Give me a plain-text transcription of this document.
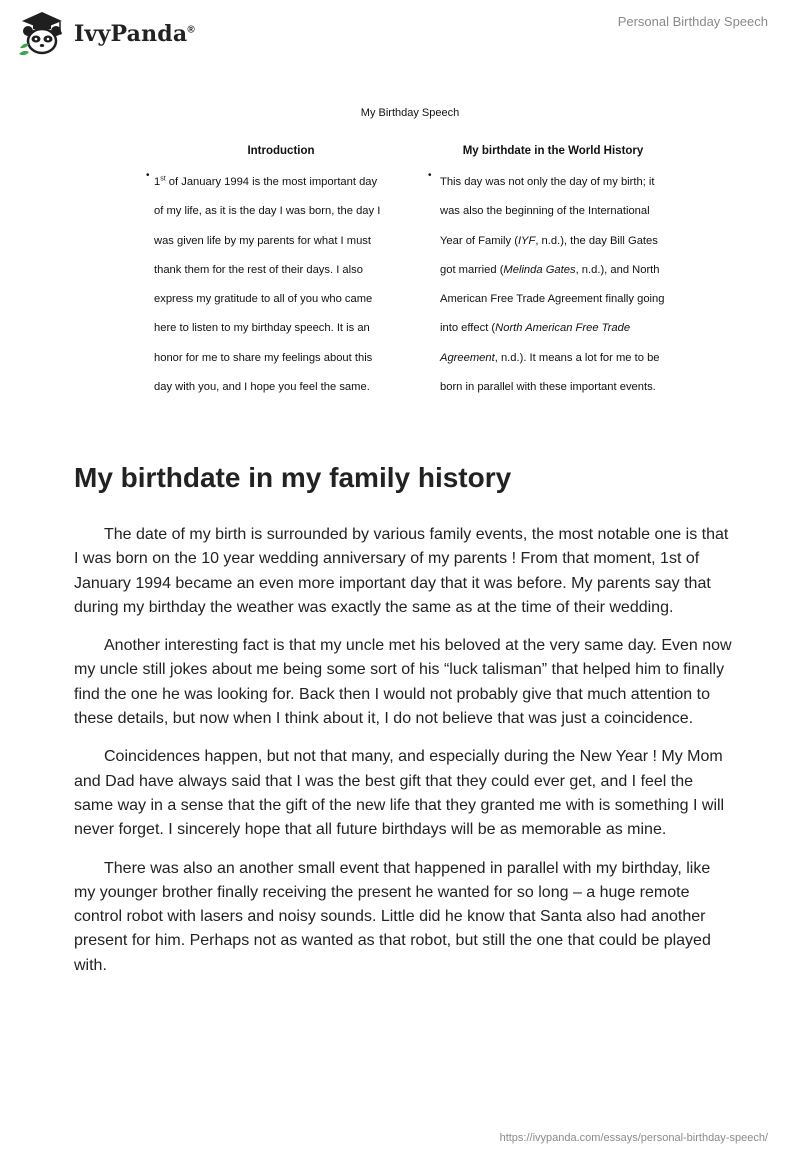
IvyPanda®
Personal Birthday Speech
My Birthday Speech
Introduction
•
1st of January 1994 is the most important day
of my life, as it is the day I was born, the day I
was given life by my parents for what I must
thank them for the rest of their days. I also
express my gratitude to all of you who came
here to listen to my birthday speech. It is an
honor for me to share my feelings about this
day with you, and I hope you feel the same.
My birthdate in the World History
•
This day was not only the day of my birth; it
was also the beginning of the International
Year of Family (IYF, n.d.), the day Bill Gates
got married (Melinda Gates, n.d.), and North
American Free Trade Agreement finally going
into effect (North American Free Trade
Agreement, n.d.). It means a lot for me to be
born in parallel with these important events.
My birthdate in my family history

The date of my birth is surrounded by various family events, the most notable one is that I was born on the 10 year wedding anniversary of my parents ! From that moment, 1st of January 1994 became an even more important day that it was before. My parents say that during my birthday the weather was exactly the same as at the time of their wedding.

Another interesting fact is that my uncle met his beloved at the very same day. Even now my uncle still jokes about me being some sort of his “luck talisman” that helped him to finally find the one he was looking for. Back then I would not probably give that much attention to these details, but now when I think about it, I do not believe that was just a coincidence.

Coincidences happen, but not that many, and especially during the New Year ! My Mom and Dad have always said that I was the best gift that they could ever get, and I feel the same way in a sense that the gift of the new life that they granted me with is something I will never forget. I sincerely hope that all future birthdays will be as memorable as mine.

There was also an another small event that happened in parallel with my birthday, like my younger brother finally receiving the present he wanted for so long – a huge remote control robot with lasers and noisy sounds. Little did he know that Santa also had another present for him. Perhaps not as wanted as that robot, but still the one that could be played with.

https://ivypanda.com/essays/personal-birthday-speech/
